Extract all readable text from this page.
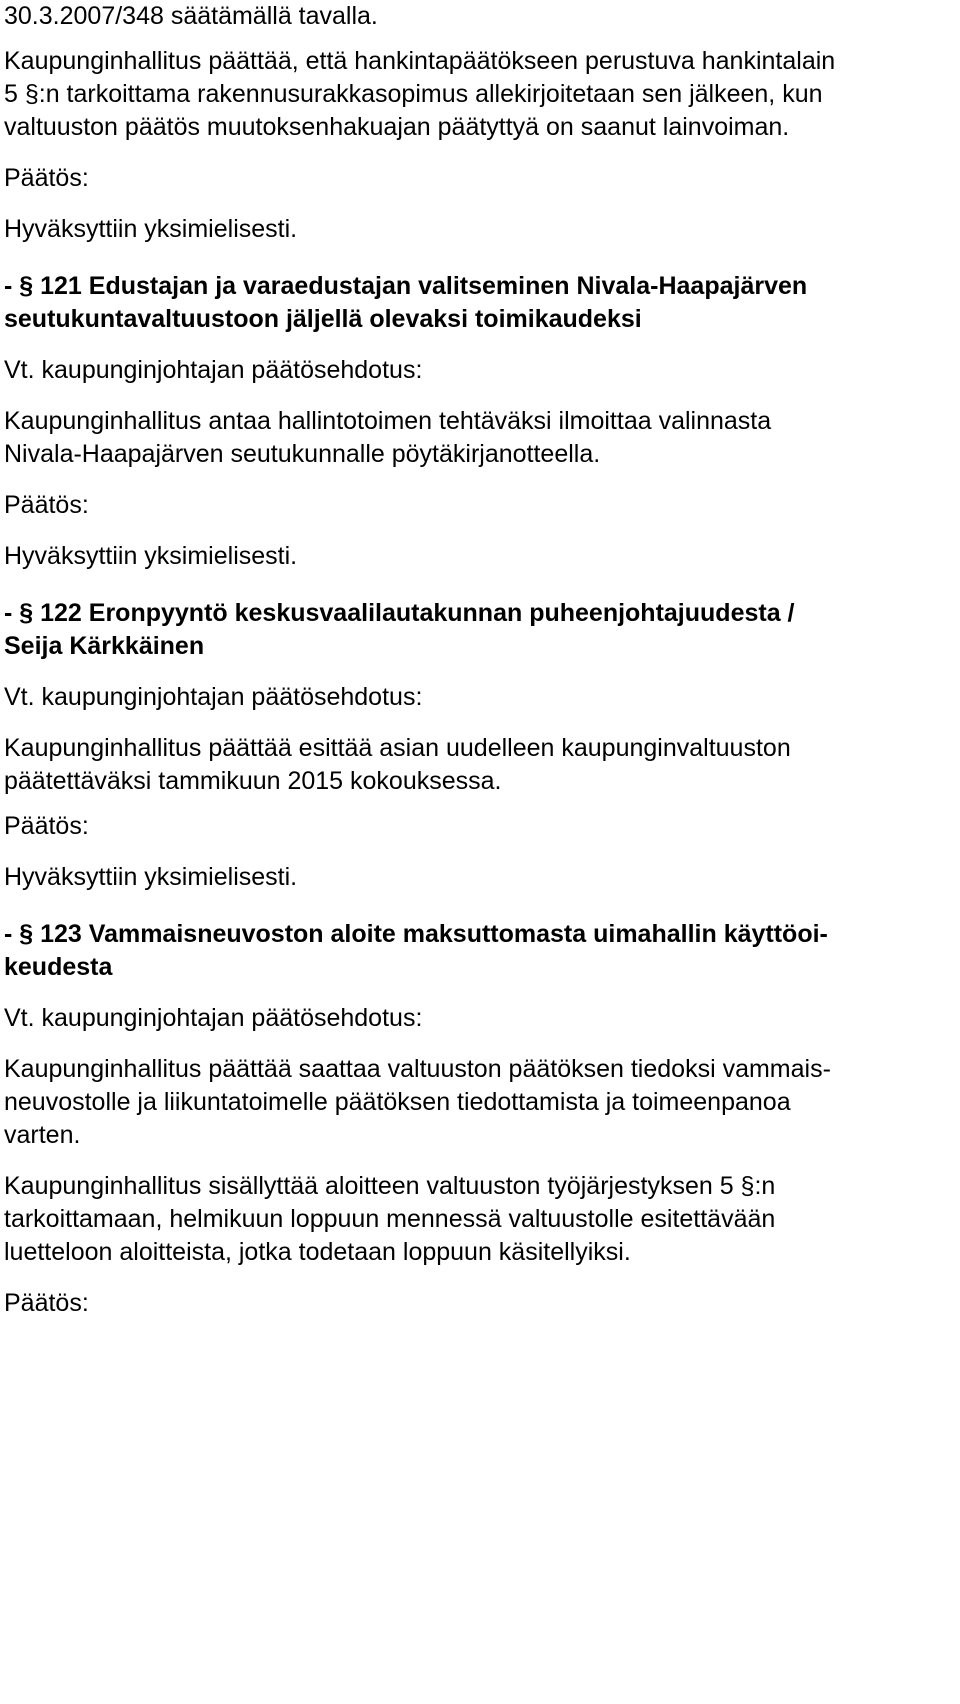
30.3.2007/348 säätämällä tavalla.

Kaupunginhallitus päättää, että hankintapäätökseen perustuva hankintalain

5 §:n tarkoittama rakennusurakkasopimus allekirjoitetaan sen jälkeen, kun

valtuuston päätös muutoksenhakuajan päätyttyä on saanut lainvoiman.

Päätös:

Hyväksyttiin yksimielisesti.

- § 121 Edustajan ja varaedustajan valitseminen Nivala-Haapajärven

seutukuntavaltuustoon jäljellä olevaksi toimikaudeksi

Vt. kaupunginjohtajan päätösehdotus:

Kaupunginhallitus antaa hallintotoimen tehtäväksi ilmoittaa valinnasta

Nivala-Haapajärven seutukunnalle pöytäkirjanotteella.

Päätös:

Hyväksyttiin yksimielisesti.

- § 122 Eronpyyntö keskusvaalilautakunnan puheenjohtajuudesta /

Seija Kärkkäinen

Vt. kaupunginjohtajan päätösehdotus:

Kaupunginhallitus päättää esittää asian uudelleen kaupunginvaltuuston

päätettäväksi tammikuun 2015 kokouksessa.

Päätös:

Hyväksyttiin yksimielisesti.

- § 123 Vammaisneuvoston aloite maksuttomasta uimahallin käyttöoi-

keudesta

Vt. kaupunginjohtajan päätösehdotus:

Kaupunginhallitus päättää saattaa valtuuston päätöksen tiedoksi vammais-

neuvostolle ja liikuntatoimelle päätöksen tiedottamista ja toimeenpanoa

varten.

Kaupunginhallitus sisällyttää aloitteen valtuuston työjärjestyksen 5 §:n

tarkoittamaan, helmikuun loppuun mennessä valtuustolle esitettävään

luetteloon aloitteista, jotka todetaan loppuun käsitellyiksi.

Päätös:
